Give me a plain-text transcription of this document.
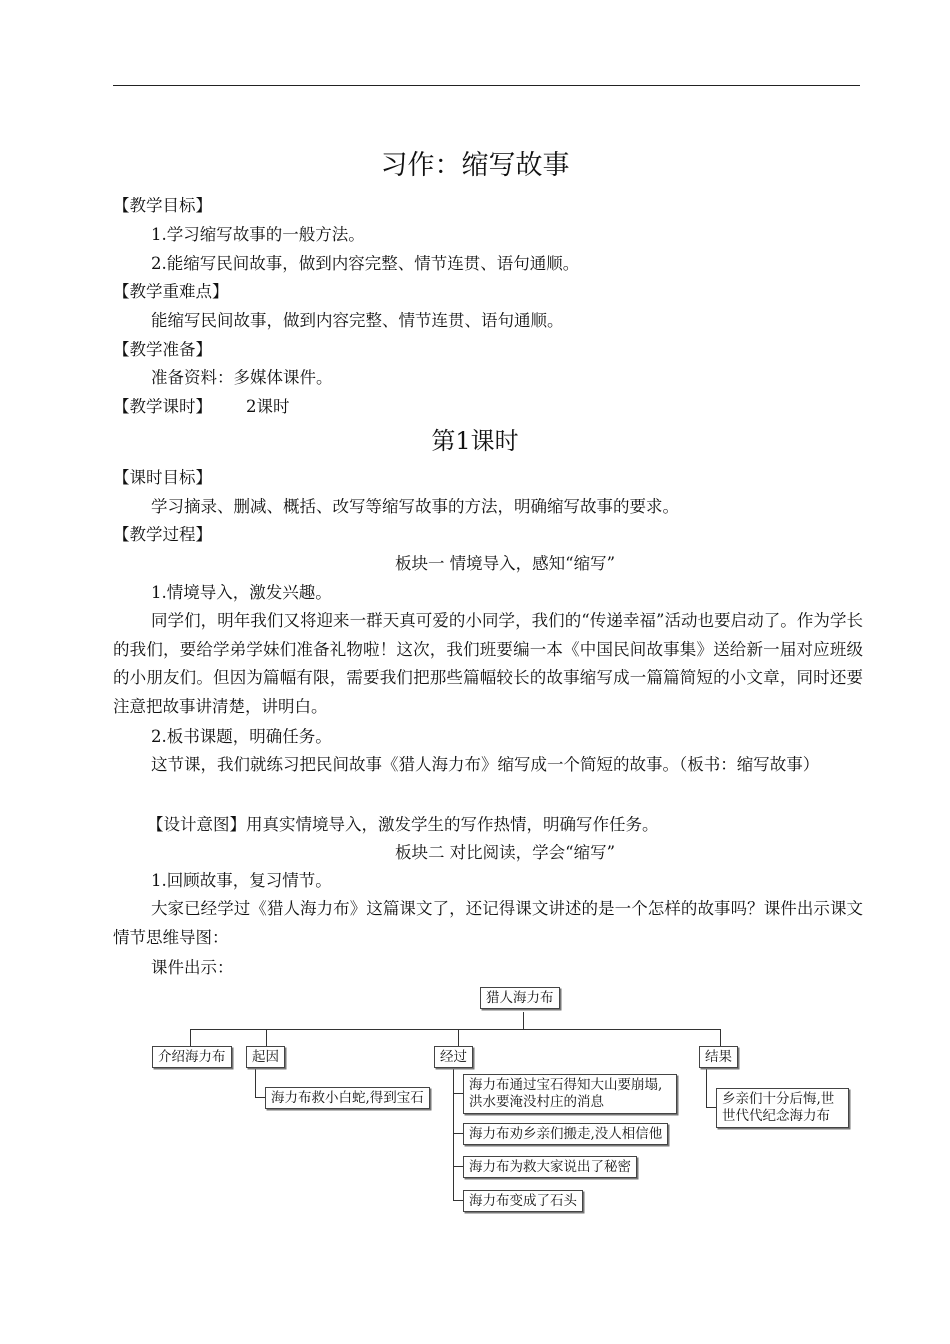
习作：缩写故事
【教学目标】
1.学习缩写故事的一般方法。
2.能缩写民间故事，做到内容完整、情节连贯、语句通顺。
【教学重难点】
能缩写民间故事，做到内容完整、情节连贯、语句通顺。
【教学准备】
准备资料：多媒体课件。
【教学课时】 2课时
第1课时
【课时目标】
学习摘录、删减、概括、改写等缩写故事的方法，明确缩写故事的要求。
【教学过程】
板块一 情境导入，感知“缩写”
1.情境导入，激发兴趣。
同学们，明年我们又将迎来一群天真可爱的小同学，我们的“传递幸福”活动也要启动了。作为学长的我们，要给学弟学妹们准备礼物啦！这次，我们班要编一本《中国民间故事集》送给新一届对应班级的小朋友们。但因为篇幅有限，需要我们把那些篇幅较长的故事缩写成一篇篇简短的小文章，同时还要注意把故事讲清楚，讲明白。
2.板书课题，明确任务。
这节课，我们就练习把民间故事《猎人海力布》缩写成一个简短的故事。（板书：缩写故事）
【设计意图】用真实情境导入，激发学生的写作热情，明确写作任务。
板块二 对比阅读，学会“缩写”
1.回顾故事，复习情节。
大家已经学过《猎人海力布》这篇课文了，还记得课文讲述的是一个怎样的故事吗？课件出示课文情节思维导图：
课件出示：
猎人海力布
介绍海力布	起因	经过	结果
海力布救小白蛇,得到宝石
海力布通过宝石得知大山要崩塌,洪水要淹没村庄的消息
海力布劝乡亲们搬走,没人相信他
海力布为救大家说出了秘密
海力布变成了石头
乡亲们十分后悔,世世代代纪念海力布
